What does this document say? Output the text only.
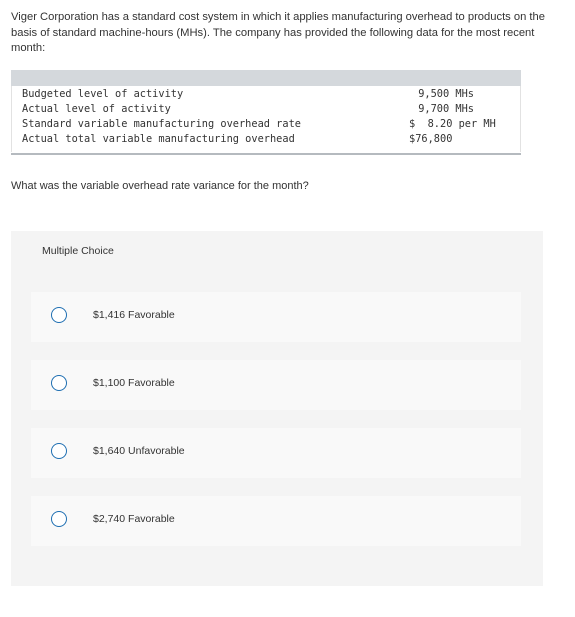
Viger Corporation has a standard cost system in which it applies manufacturing overhead to products on the basis of standard machine-hours (MHs). The company has provided the following data for the most recent month:
Budgeted level of activity	9,500 MHs
Actual level of activity	9,700 MHs
Standard variable manufacturing overhead rate	$  8.20 per MH
Actual total variable manufacturing overhead	$76,800
What was the variable overhead rate variance for the month?
Multiple Choice
$1,416 Favorable
$1,100 Favorable
$1,640 Unfavorable
$2,740 Favorable
